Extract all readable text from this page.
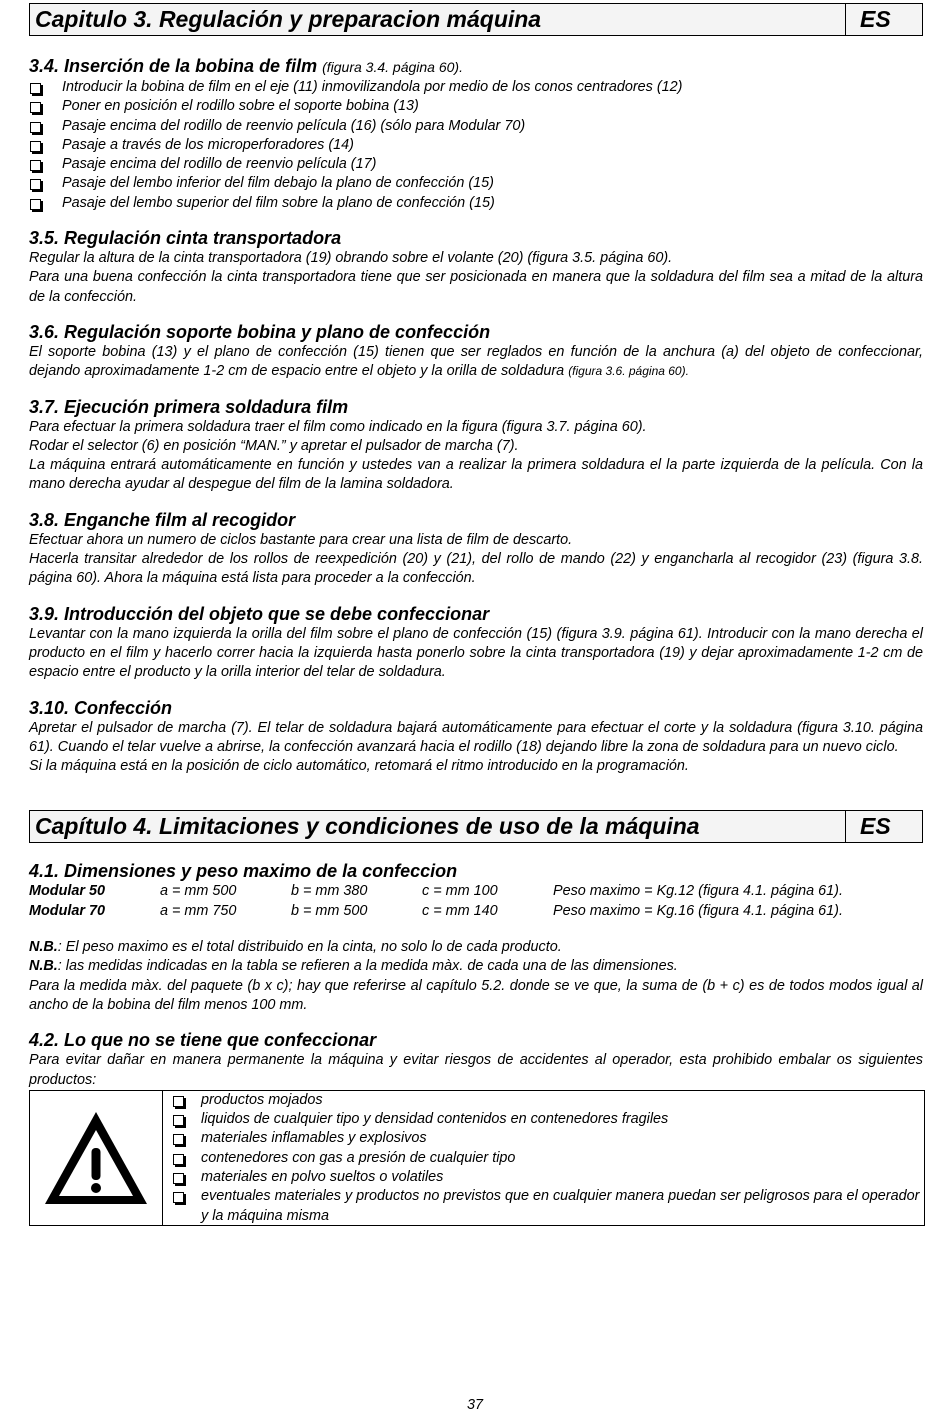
Capitulo 3. Regulación y preparacion máquina	ES
3.4. Inserción de la bobina de film (figura 3.4. página 60).
Introducir la bobina de film en el eje (11) inmovilizandola por medio de los conos centradores (12)
Poner en posición el rodillo sobre el soporte bobina (13)
Pasaje encima del rodillo de reenvio película (16) (sólo para Modular 70)
Pasaje a través de los microperforadores (14)
Pasaje encima del rodillo de reenvio película (17)
Pasaje del lembo inferior del film debajo la plano de confección (15)
Pasaje del lembo superior del film sobre la plano de confección (15)
3.5. Regulación cinta transportadora

Regular la altura de la cinta transportadora (19) obrando sobre el volante (20) (figura 3.5. página 60).

Para una buena confección la cinta transportadora tiene que ser posicionada en manera que la soldadura del film sea a mitad de la altura de la confección.

3.6. Regulación soporte bobina y plano de confección

El soporte bobina (13) y el plano de confección (15) tienen que ser reglados en función de la anchura (a) del objeto de confeccionar, dejando aproximadamente 1-2 cm de espacio entre el objeto y la orilla de soldadura (figura 3.6. página 60).

3.7. Ejecución primera soldadura film

Para efectuar la primera soldadura traer el film como indicado en la figura (figura 3.7. página 60).

Rodar el selector (6) en posición “MAN.” y apretar el pulsador de marcha (7).

La máquina entrará automáticamente en función y ustedes van a realizar la primera soldadura el la parte izquierda de la película. Con la mano derecha ayudar al despegue del film de la lamina soldadora.

3.8. Enganche film al recogidor

Efectuar ahora un numero de ciclos bastante para crear una lista de film de descarto.

Hacerla transitar alrededor de los rollos de reexpedición (20) y (21), del rollo de mando (22) y engancharla al recogidor (23) (figura 3.8. página 60). Ahora la máquina está lista para proceder a la confección.

3.9. Introducción del objeto que se debe confeccionar

Levantar con la mano izquierda la orilla del film sobre el plano de confección (15) (figura 3.9. página 61). Introducir con la mano derecha el producto en el film y hacerlo correr hacia la izquierda hasta ponerlo sobre la cinta transportadora (19) y dejar aproximadamente 1-2 cm de espacio entre el producto y la orilla interior del telar de soldadura.

3.10. Confección

Apretar el pulsador de marcha (7). El telar de soldadura bajará automáticamente para efectuar el corte y la soldadura (figura 3.10. página 61). Cuando el telar vuelve a abrirse, la confección avanzará hacia el rodillo (18) dejando libre la zona de soldadura para un nuevo ciclo.

Si la máquina está en la posición de ciclo automático, retomará el ritmo introducido en la programación.

Capítulo 4. Limitaciones y condiciones de uso de la máquina	ES
4.1. Dimensiones y peso maximo de la confeccion
Modular 50	a = mm 500	b = mm 380	c = mm 100	Peso maximo = Kg.12 (figura 4.1. página 61).
Modular 70	a = mm 750	b = mm 500	c = mm 140	Peso maximo = Kg.16 (figura 4.1. página 61).

N.B.: El peso maximo es el total distribuido en la cinta, no solo lo de cada producto.

N.B.: las medidas indicadas en la tabla se refieren a la medida màx. de cada una de las dimensiones.

Para la medida màx. del paquete (b x c); hay que referirse al capítulo 5.2. donde se ve que, la suma de (b + c) es de todos modos igual al ancho de la bobina del film menos 100 mm.

4.2. Lo que no se tiene que confeccionar

Para evitar dañar en manera permanente la máquina y evitar riesgos de accidentes al operador, esta prohibido embalar os siguientes productos:

productos mojados
liquidos de cualquier tipo y densidad contenidos en contenedores fragiles
materiales inflamables y explosivos
contenedores con gas a presión de cualquier tipo
materiales en polvo sueltos o volatiles
eventuales materiales y productos no previstos que en cualquier manera puedan ser peligrosos para el operador y la máquina misma
37
